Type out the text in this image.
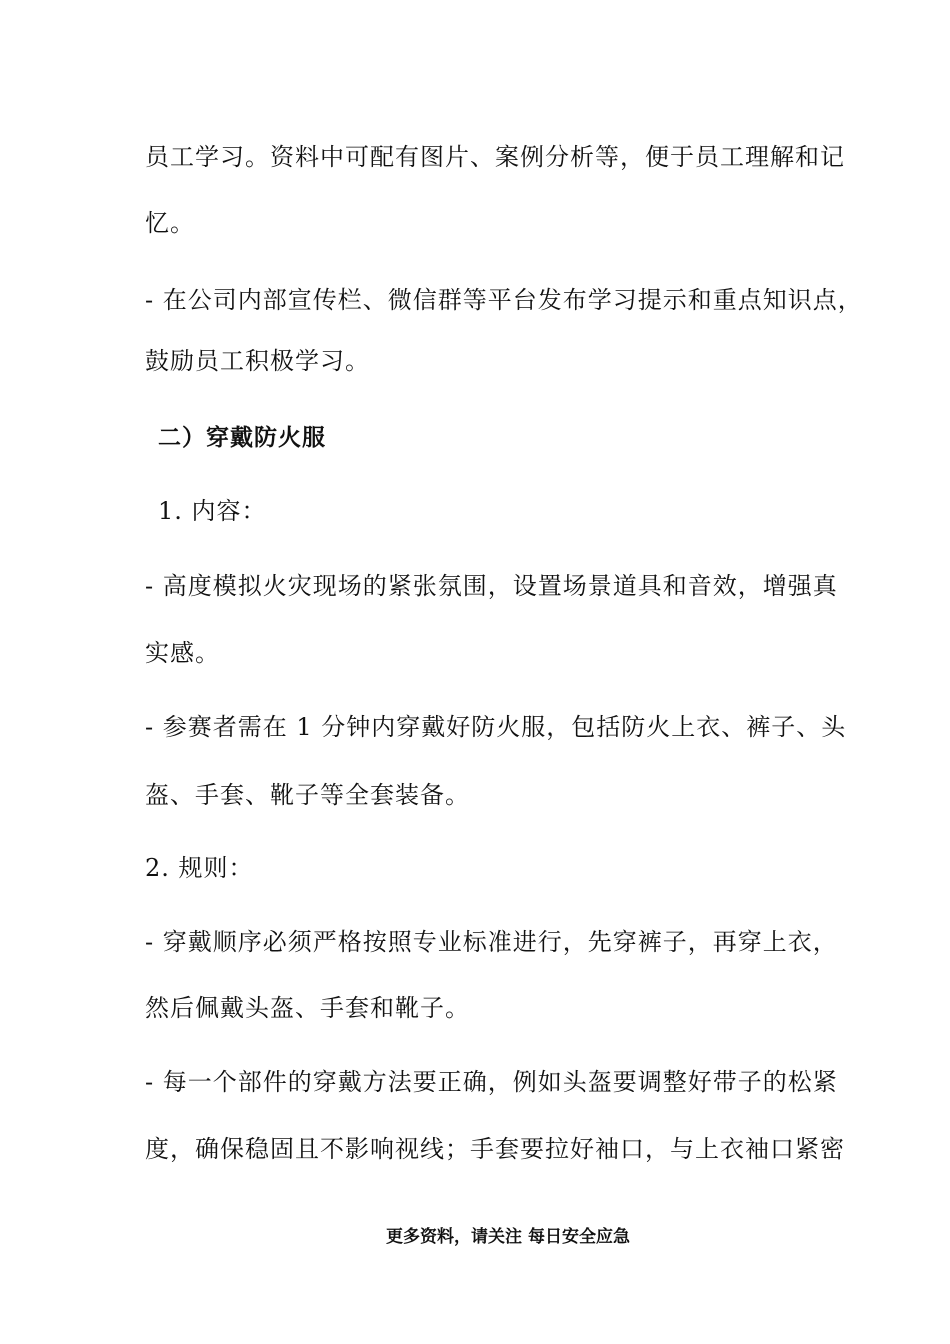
员工学习。资料中可配有图片、案例分析等，便于员工理解和记
忆。
- 在公司内部宣传栏、微信群等平台发布学习提示和重点知识点，
鼓励员工积极学习。
二）穿戴防火服
1. 内容：
- 高度模拟火灾现场的紧张氛围，设置场景道具和音效，增强真
实感。
- 参赛者需在 1 分钟内穿戴好防火服，包括防火上衣、裤子、头
盔、手套、靴子等全套装备。
2. 规则：
- 穿戴顺序必须严格按照专业标准进行，先穿裤子，再穿上衣，
然后佩戴头盔、手套和靴子。
- 每一个部件的穿戴方法要正确，例如头盔要调整好带子的松紧
度，确保稳固且不影响视线；手套要拉好袖口，与上衣袖口紧密
更多资料，请关注 每日安全应急
